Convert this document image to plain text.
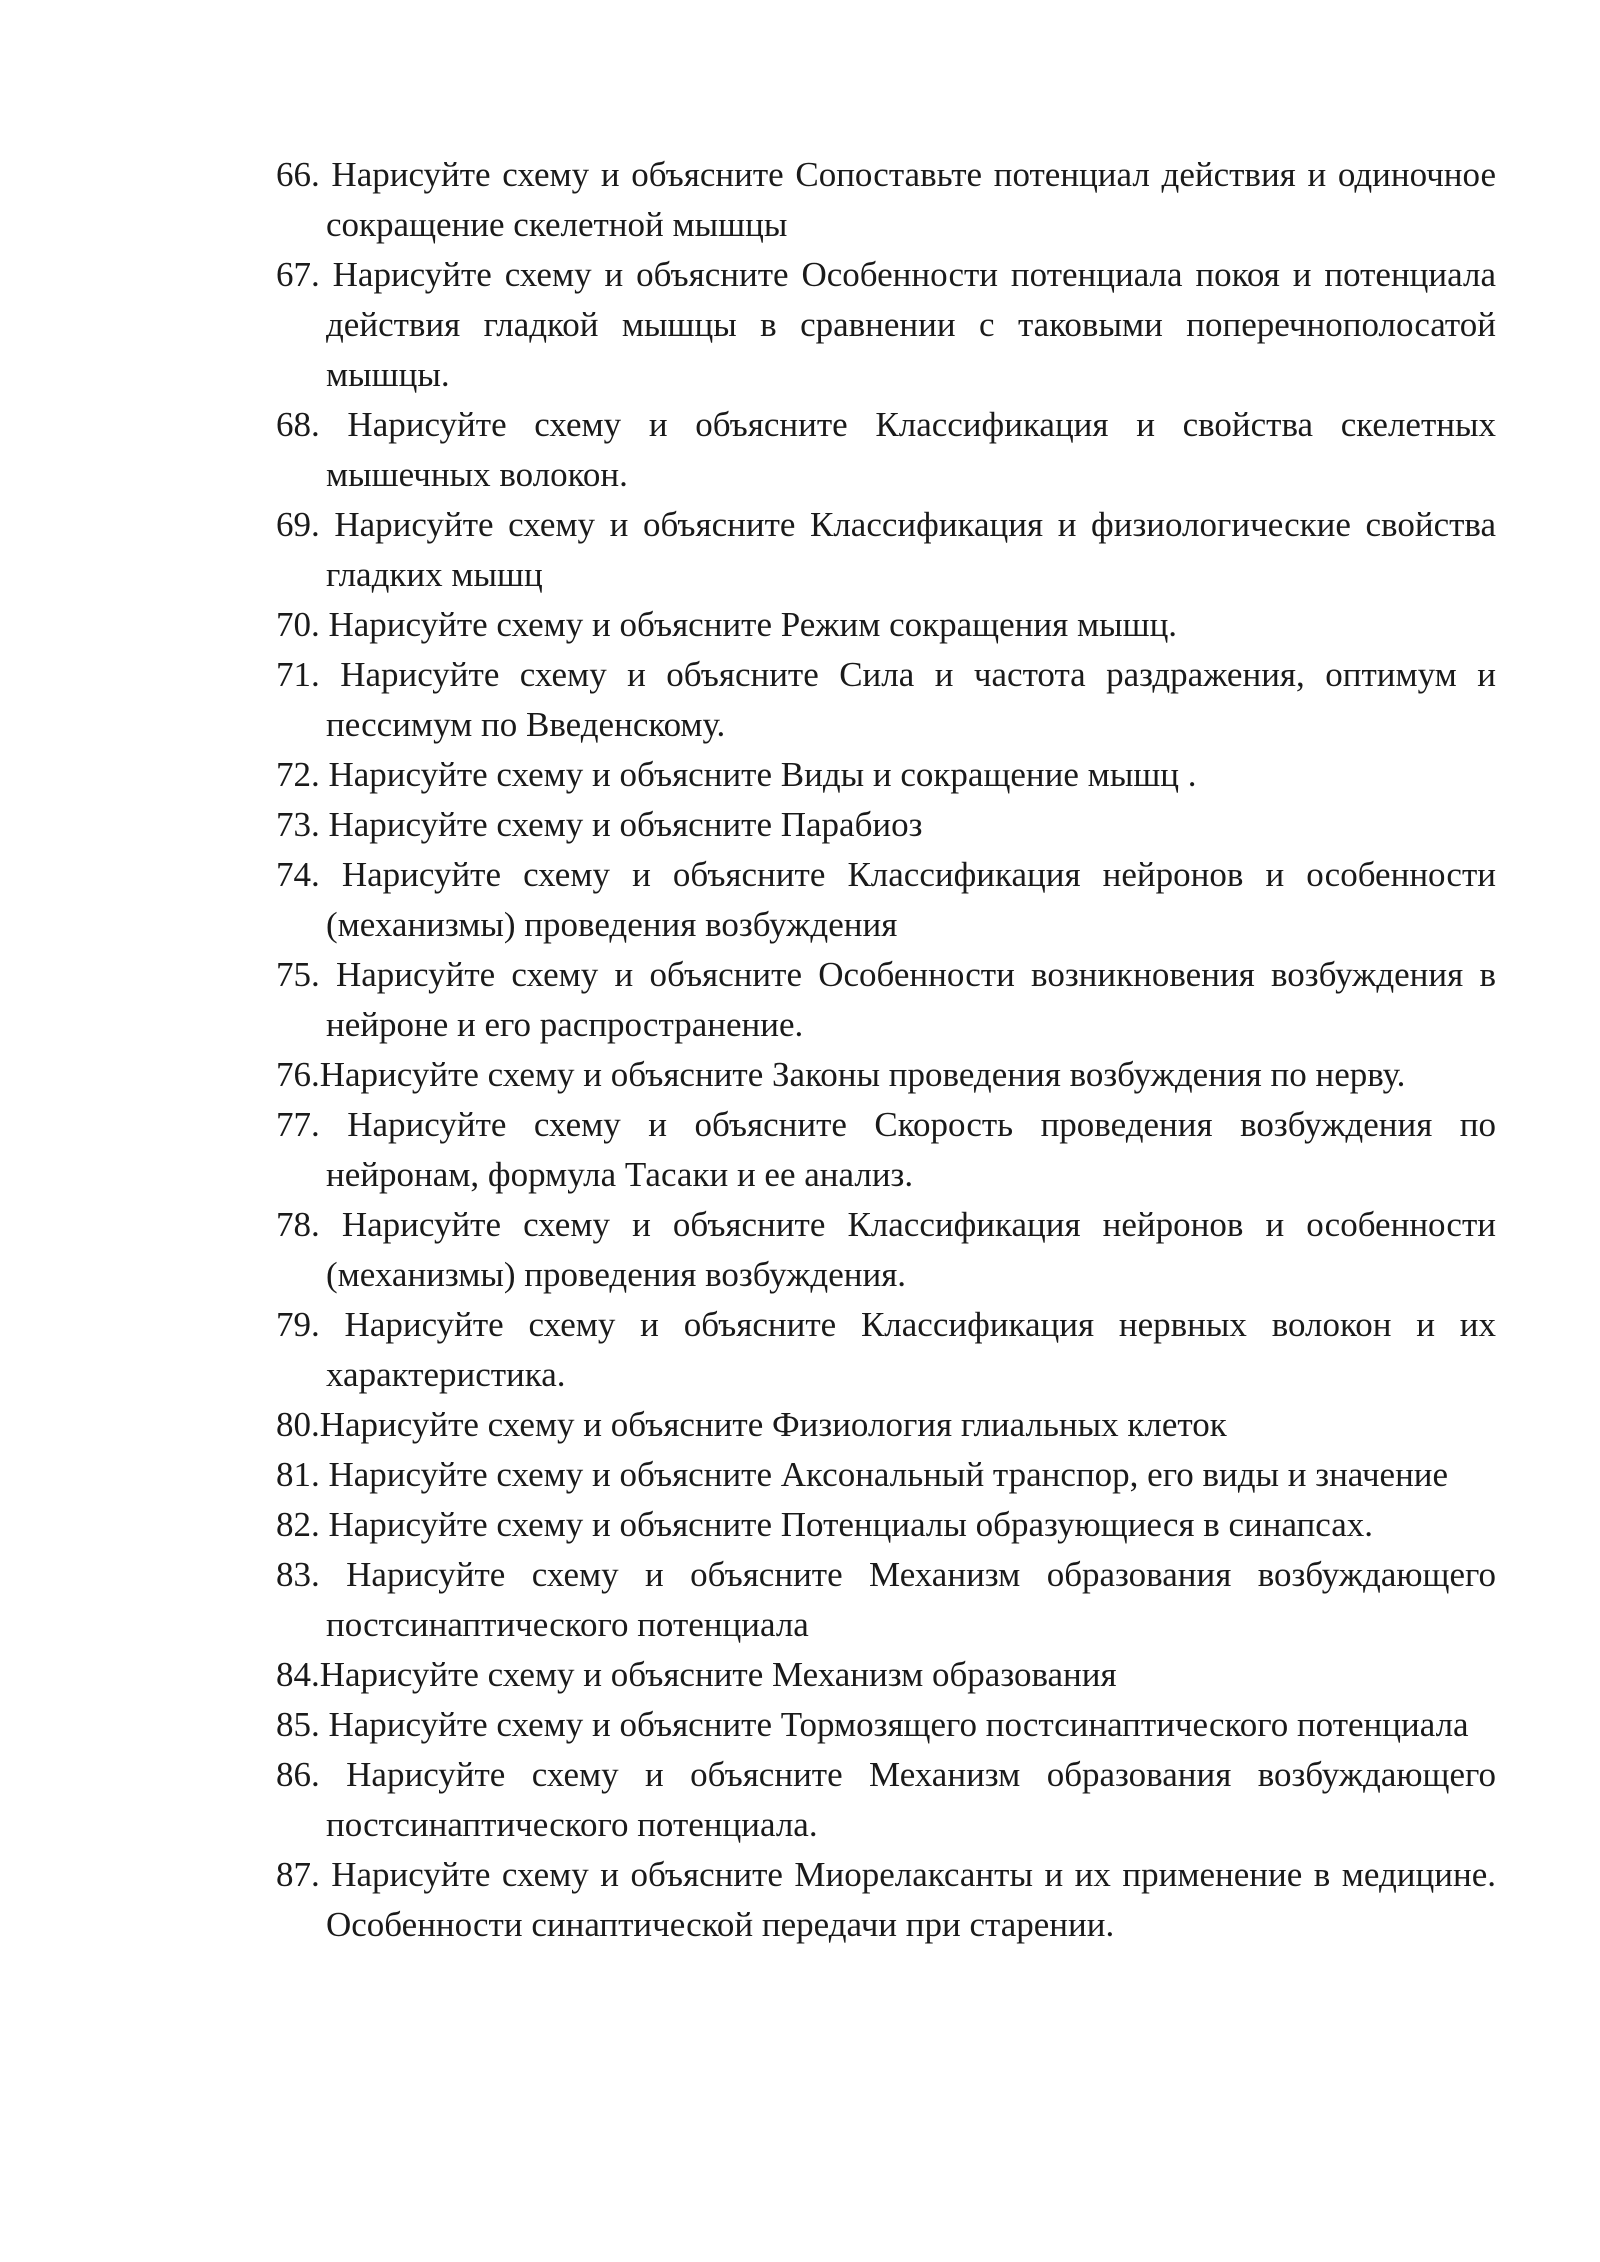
66. Нарисуйте схему и объясните Сопоставьте потенциал действия и одиночное сокращение скелетной мышцы
67. Нарисуйте схему и объясните Особенности потенциала покоя и потенциала действия гладкой мышцы в сравнении с таковыми поперечнополосатой мышцы.
68. Нарисуйте схему и объясните Классификация и свойства скелетных мышечных волокон.
69. Нарисуйте схему и объясните Классификация и физиологические свойства гладких мышц
70. Нарисуйте схему и объясните Режим сокращения мышц.
71. Нарисуйте схему и объясните Сила и частота раздражения, оптимум и пессимум по Введенскому.
72. Нарисуйте схему и объясните Виды и сокращение мышц .
73. Нарисуйте схему и объясните Парабиоз
74. Нарисуйте схему и объясните Классификация нейронов и особенности (механизмы) проведения возбуждения
75. Нарисуйте схему и объясните Особенности возникновения возбуждения в нейроне и его распространение.
76.Нарисуйте схему и объясните Законы проведения возбуждения по нерву.
77. Нарисуйте схему и объясните Скорость проведения возбуждения по нейронам, формула Тасаки и ее анализ.
78. Нарисуйте схему и объясните Классификация нейронов и особенности (механизмы) проведения возбуждения.
79. Нарисуйте схему и объясните Классификация нервных волокон и их характеристика.
80.Нарисуйте схему и объясните Физиология глиальных клеток
81. Нарисуйте схему и объясните Аксональный транспор, его виды и значение
82. Нарисуйте схему и объясните Потенциалы образующиеся в синапсах.
83. Нарисуйте схему и объясните Механизм образования возбуждающего постсинаптического потенциала
84.Нарисуйте схему и объясните Механизм образования
85. Нарисуйте схему и объясните Тормозящего постсинаптического потенциала
86. Нарисуйте схему и объясните Механизм образования возбуждающего постсинаптического потенциала.
87. Нарисуйте схему и объясните Миорелаксанты и их применение в медицине. Особенности синаптической передачи при старении.
